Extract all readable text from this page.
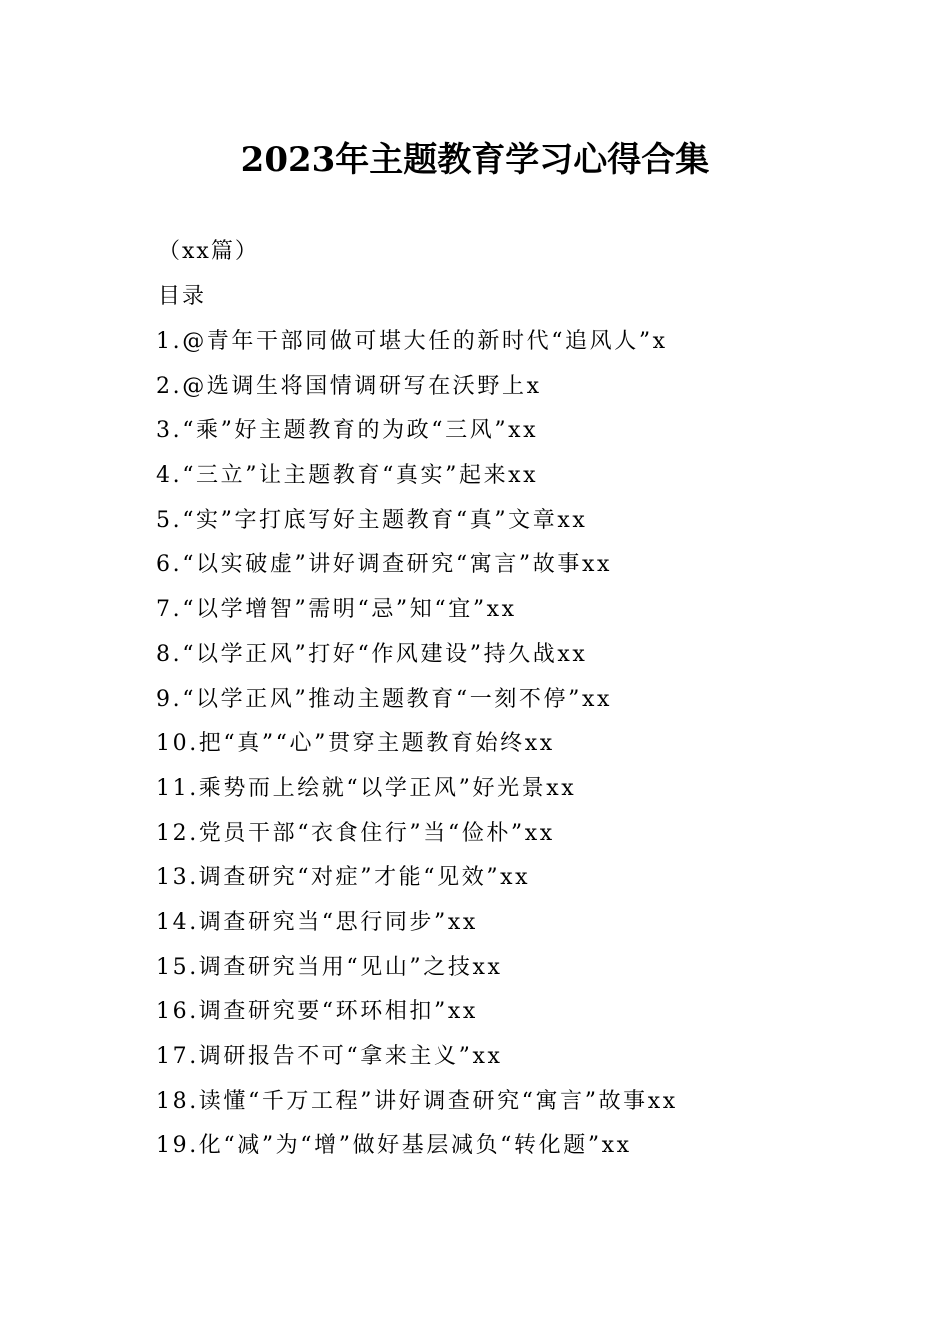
2023年主题教育学习心得合集
（xx篇）
目录
1.@青年干部同做可堪大任的新时代“追风人”x
2.@选调生将国情调研写在沃野上x
3.“乘”好主题教育的为政“三风”xx
4.“三立”让主题教育“真实”起来xx
5.“实”字打底写好主题教育“真”文章xx
6.“以实破虚”讲好调查研究“寓言”故事xx
7.“以学增智”需明“忌”知“宜”xx
8.“以学正风”打好“作风建设”持久战xx
9.“以学正风”推动主题教育“一刻不停”xx
10.把“真”“心”贯穿主题教育始终xx
11.乘势而上绘就“以学正风”好光景xx
12.党员干部“衣食住行”当“俭朴”xx
13.调查研究“对症”才能“见效”xx
14.调查研究当“思行同步”xx
15.调查研究当用“见山”之技xx
16.调查研究要“环环相扣”xx
17.调研报告不可“拿来主义”xx
18.读懂“千万工程”讲好调查研究“寓言”故事xx
19.化“减”为“增”做好基层减负“转化题”xx
